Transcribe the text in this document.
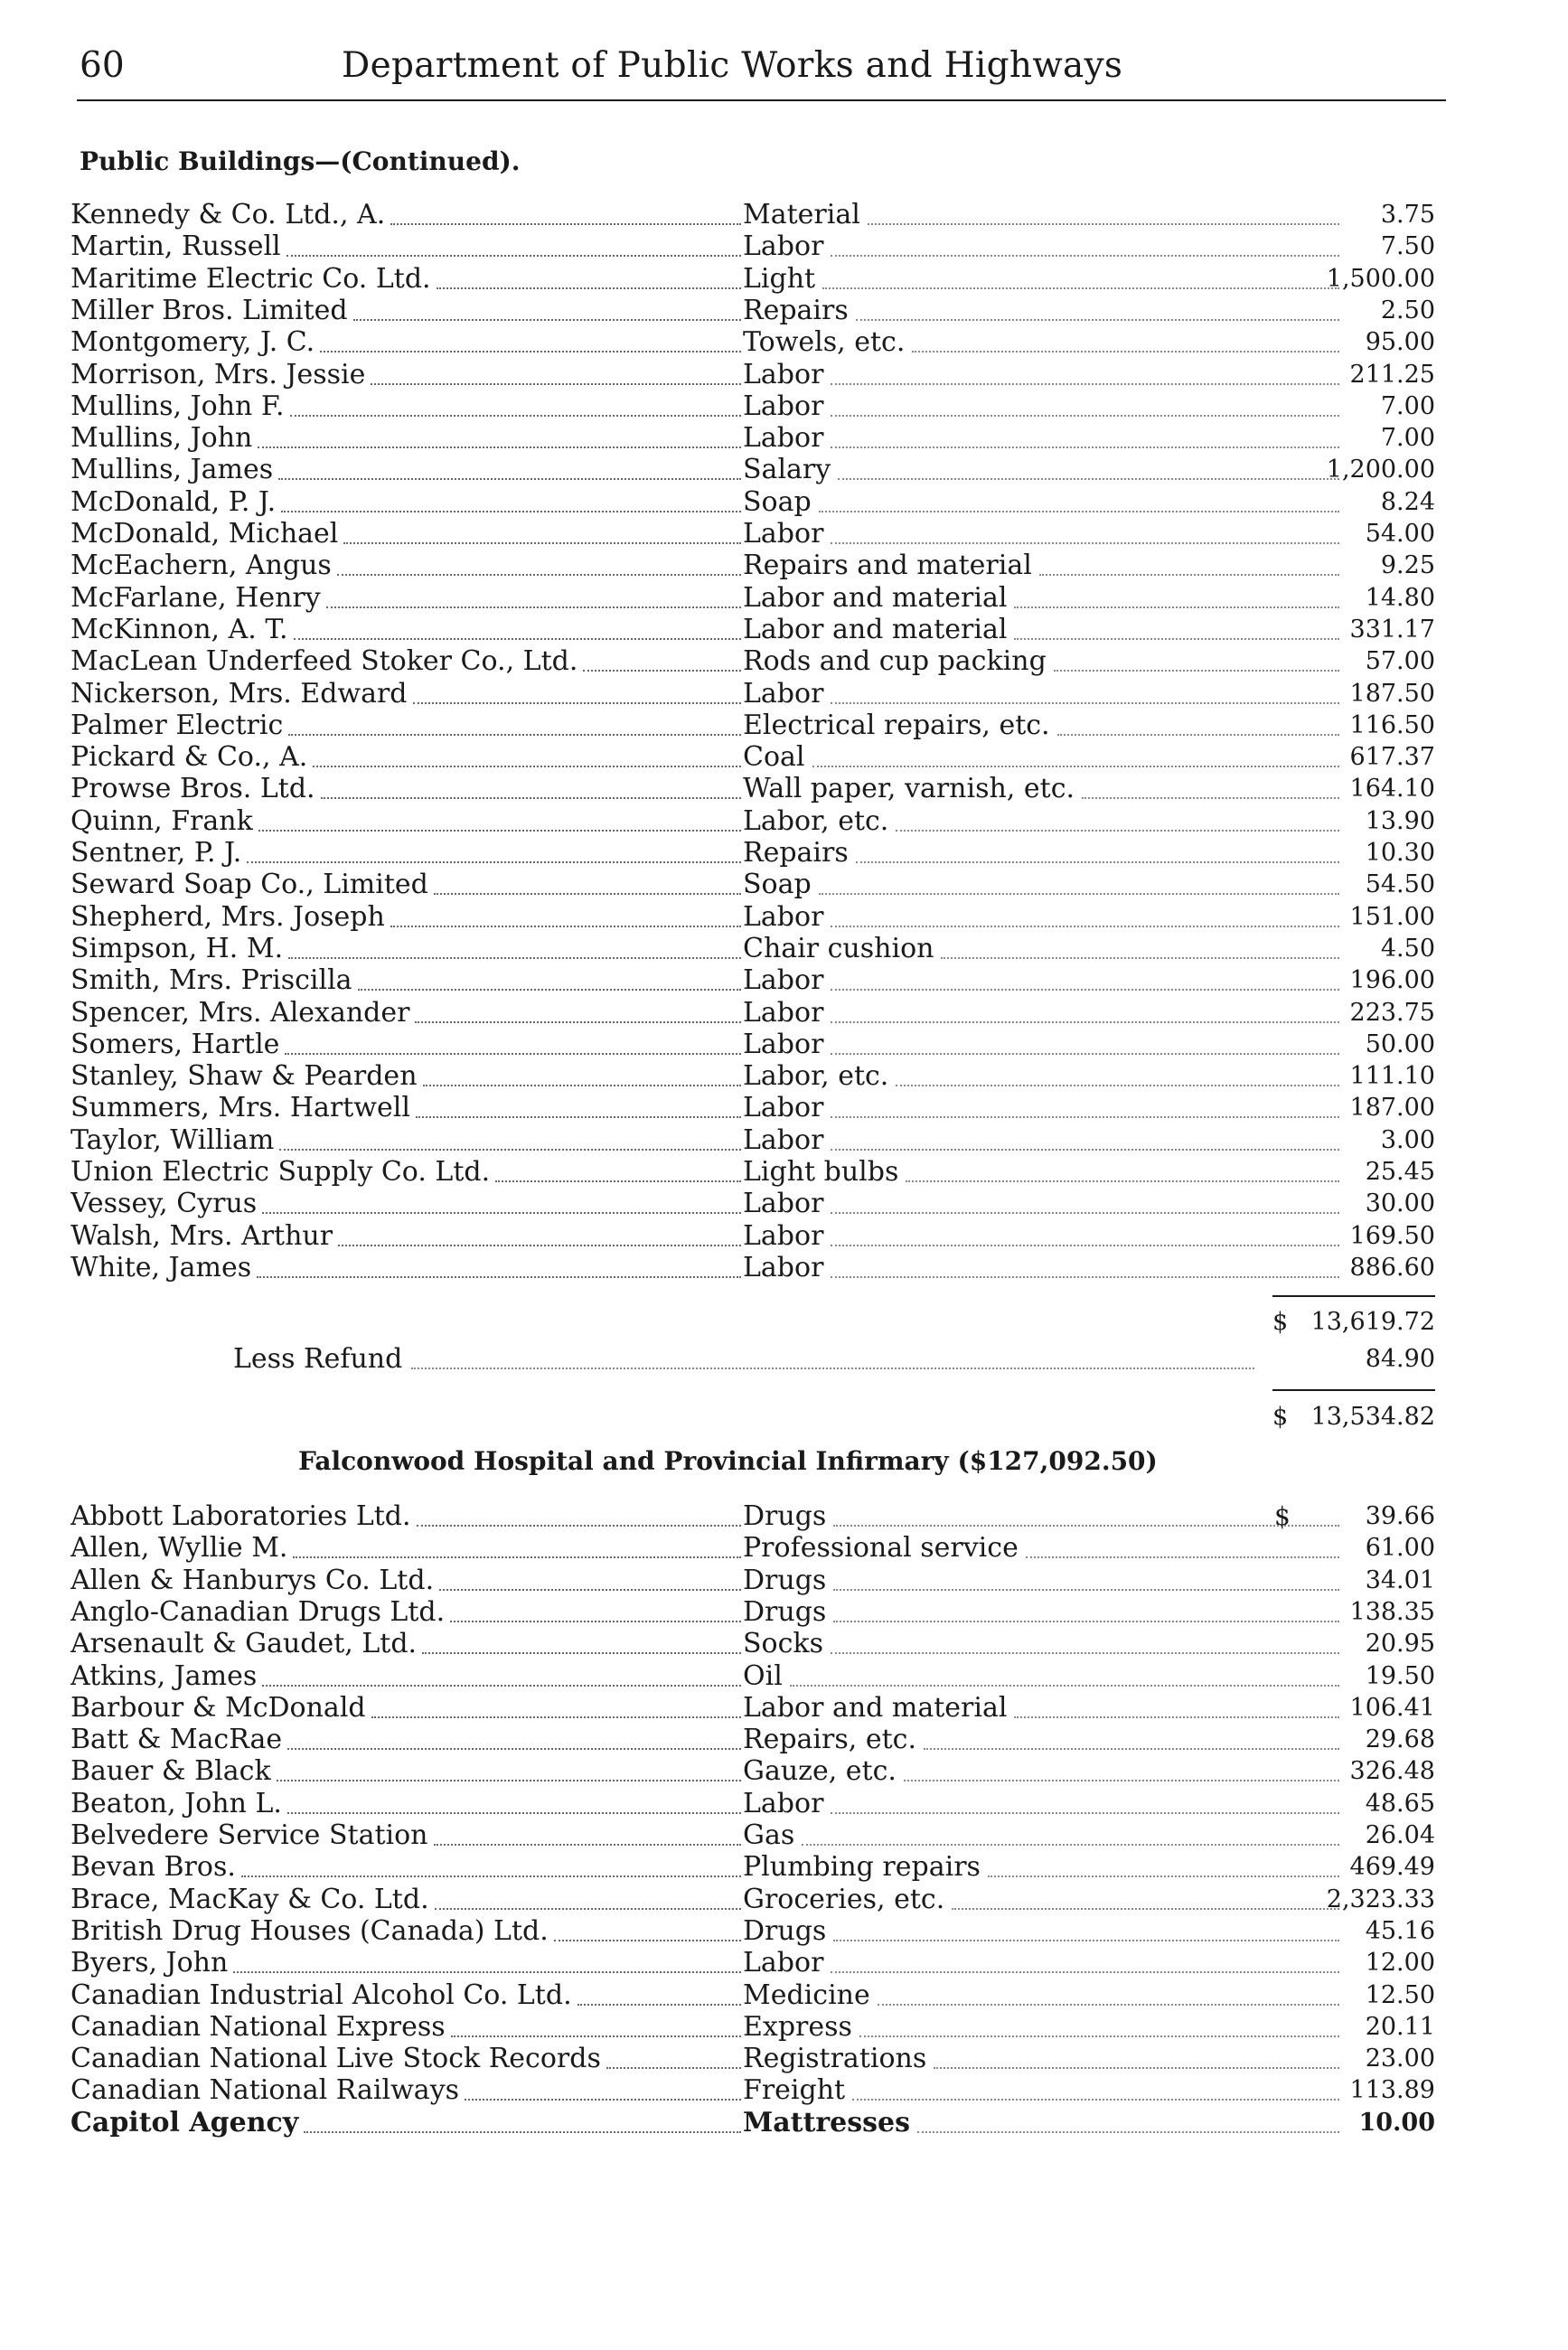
60	Department of Public Works and Highways
Public Buildings—(Continued).
Kennedy & Co. Ltd., A.	Material	3.75
Martin, Russell	Labor	7.50
Maritime Electric Co. Ltd.	Light	1,500.00
Miller Bros. Limited	Repairs	2.50
Montgomery, J. C.	Towels, etc.	95.00
Morrison, Mrs. Jessie	Labor	211.25
Mullins, John F.	Labor	7.00
Mullins, John	Labor	7.00
Mullins, James	Salary	1,200.00
McDonald, P. J.	Soap	8.24
McDonald, Michael	Labor	54.00
McEachern, Angus	Repairs and material	9.25
McFarlane, Henry	Labor and material	14.80
McKinnon, A. T.	Labor and material	331.17
MacLean Underfeed Stoker Co., Ltd.	Rods and cup packing	57.00
Nickerson, Mrs. Edward	Labor	187.50
Palmer Electric	Electrical repairs, etc.	116.50
Pickard & Co., A.	Coal	617.37
Prowse Bros. Ltd.	Wall paper, varnish, etc.	164.10
Quinn, Frank	Labor, etc.	13.90
Sentner, P. J.	Repairs	10.30
Seward Soap Co., Limited	Soap	54.50
Shepherd, Mrs. Joseph	Labor	151.00
Simpson, H. M.	Chair cushion	4.50
Smith, Mrs. Priscilla	Labor	196.00
Spencer, Mrs. Alexander	Labor	223.75
Somers, Hartle	Labor	50.00
Stanley, Shaw & Pearden	Labor, etc.	111.10
Summers, Mrs. Hartwell	Labor	187.00
Taylor, William	Labor	3.00
Union Electric Supply Co. Ltd.	Light bulbs	25.45
Vessey, Cyrus	Labor	30.00
Walsh, Mrs. Arthur	Labor	169.50
White, James	Labor	886.60
$ 13,619.72
Less Refund	84.90
$ 13,534.82
Falconwood Hospital and Provincial Infirmary ($127,092.50)
Abbott Laboratories Ltd.	Drugs	39.66
$
Allen, Wyllie M.	Professional service	61.00
Allen & Hanburys Co. Ltd.	Drugs	34.01
Anglo-Canadian Drugs Ltd.	Drugs	138.35
Arsenault & Gaudet, Ltd.	Socks	20.95
Atkins, James	Oil	19.50
Barbour & McDonald	Labor and material	106.41
Batt & MacRae	Repairs, etc.	29.68
Bauer & Black	Gauze, etc.	326.48
Beaton, John L.	Labor	48.65
Belvedere Service Station	Gas	26.04
Bevan Bros.	Plumbing repairs	469.49
Brace, MacKay & Co. Ltd.	Groceries, etc.	2,323.33
British Drug Houses (Canada) Ltd.	Drugs	45.16
Byers, John	Labor	12.00
Canadian Industrial Alcohol Co. Ltd.	Medicine	12.50
Canadian National Express	Express	20.11
Canadian National Live Stock Records	Registrations	23.00
Canadian National Railways	Freight	113.89
Capitol Agency	Mattresses	10.00
